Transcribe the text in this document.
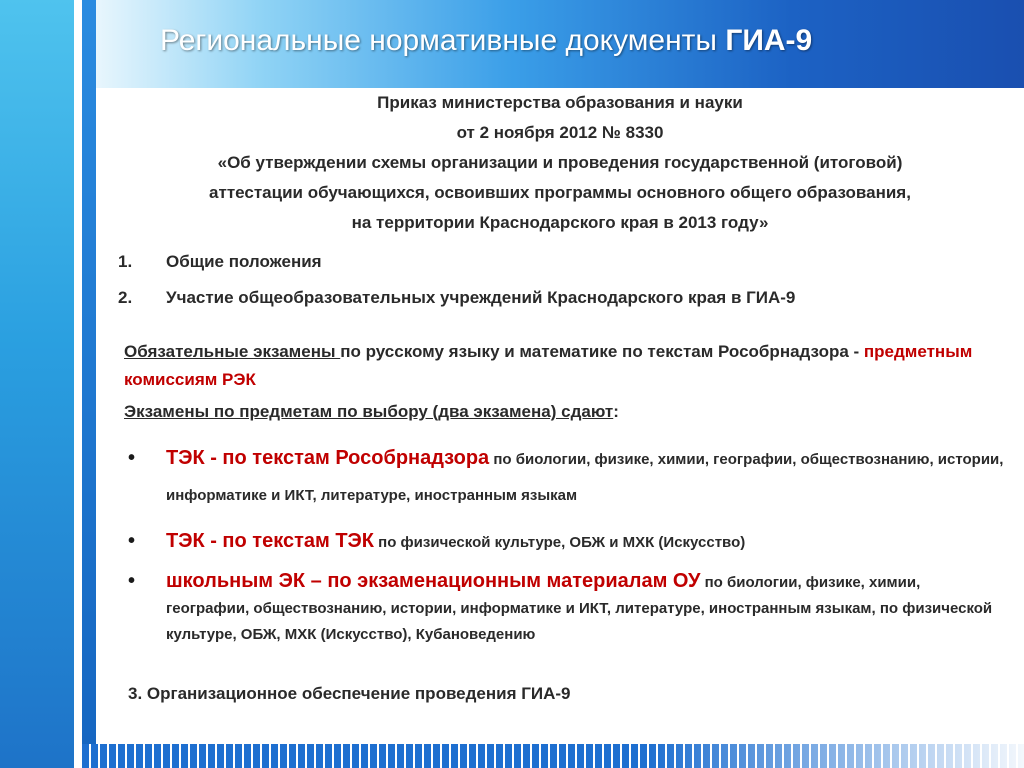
Региональные нормативные документы ГИА-9
Приказ министерства образования и науки
от 2 ноября 2012 № 8330
«Об утверждении схемы организации и проведения государственной (итоговой)
аттестации обучающихся, освоивших программы основного общего образования,
на территории Краснодарского края в 2013 году»
1.	Общие положения
2.	Участие общеобразовательных учреждений Краснодарского края в ГИА-9
Обязательные экзамены по русскому языку и математике по текстам Рособрнадзора - предметным комиссиям РЭК
Экзамены по предметам по выбору (два экзамена) сдают:
•	ТЭК - по текстам Рособрнадзора по биологии, физике, химии, географии, обществознанию, истории, информатике и ИКТ, литературе, иностранным языкам
•	ТЭК - по текстам ТЭК по физической культуре, ОБЖ и МХК (Искусство)
•	школьным ЭК – по экзаменационным материалам ОУ по биологии, физике, химии, географии, обществознанию, истории, информатике и ИКТ, литературе, иностранным языкам, по физической культуре, ОБЖ, МХК (Искусство), Кубановедению
3. Организационное обеспечение проведения ГИА-9
